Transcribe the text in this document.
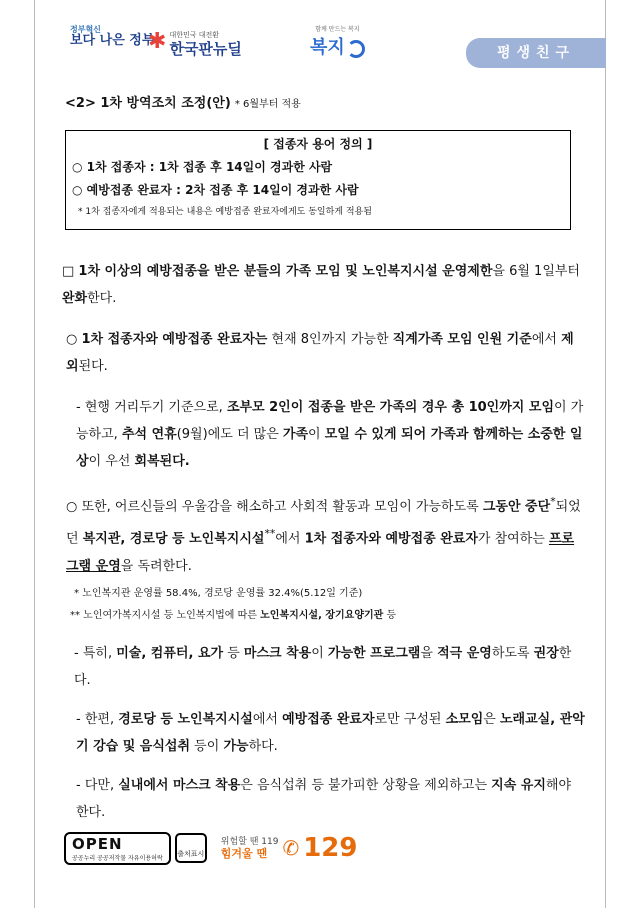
정부혁신
보다 나은 정부
✱ 대한민국 대전환
한국판뉴딜
함께 만드는 복지
복지	평생친구
<2> 1차 방역조치 조정(안) * 6월부터 적용
[ 접종자 용어 정의 ]
○ 1차 접종자 : 1차 접종 후 14일이 경과한 사람
○ 예방접종 완료자 : 2차 접종 후 14일이 경과한 사람
* 1차 접종자에게 적용되는 내용은 예방접종 완료자에게도 동일하게 적용됨
□ 1차 이상의 예방접종을 받은 분들의 가족 모임 및 노인복지시설 운영제한을 6월 1일부터 완화한다.
○ 1차 접종자와 예방접종 완료자는 현재 8인까지 가능한 직계가족 모임 인원 기준에서 제외된다.
- 현행 거리두기 기준으로, 조부모 2인이 접종을 받은 가족의 경우 총 10인까지 모임이 가능하고, 추석 연휴(9월)에도 더 많은 가족이 모일 수 있게 되어 가족과 함께하는 소중한 일상이 우선 회복된다.
○ 또한, 어르신들의 우울감을 해소하고 사회적 활동과 모임이 가능하도록 그동안 중단*되었던 복지관, 경로당 등 노인복지시설**에서 1차 접종자와 예방접종 완료자가 참여하는 프로그램 운영을 독려한다.
* 노인복지관 운영률 58.4%, 경로당 운영률 32.4%(5.12일 기준)
** 노인여가복지시설 등 노인복지법에 따른 노인복지시설, 장기요양기관 등
- 특히, 미술, 컴퓨터, 요가 등 마스크 착용이 가능한 프로그램을 적극 운영하도록 권장한다.
- 한편, 경로당 등 노인복지시설에서 예방접종 완료자로만 구성된 소모임은 노래교실, 관악기 강습 및 음식섭취 등이 가능하다.
- 다만, 실내에서 마스크 착용은 음식섭취 등 불가피한 상황을 제외하고는 지속 유지해야 한다.
OPEN
공공누리 공공저작물 자유이용허락	출처표시
위험할 땐 119
힘겨울 땐 ✆ 129
